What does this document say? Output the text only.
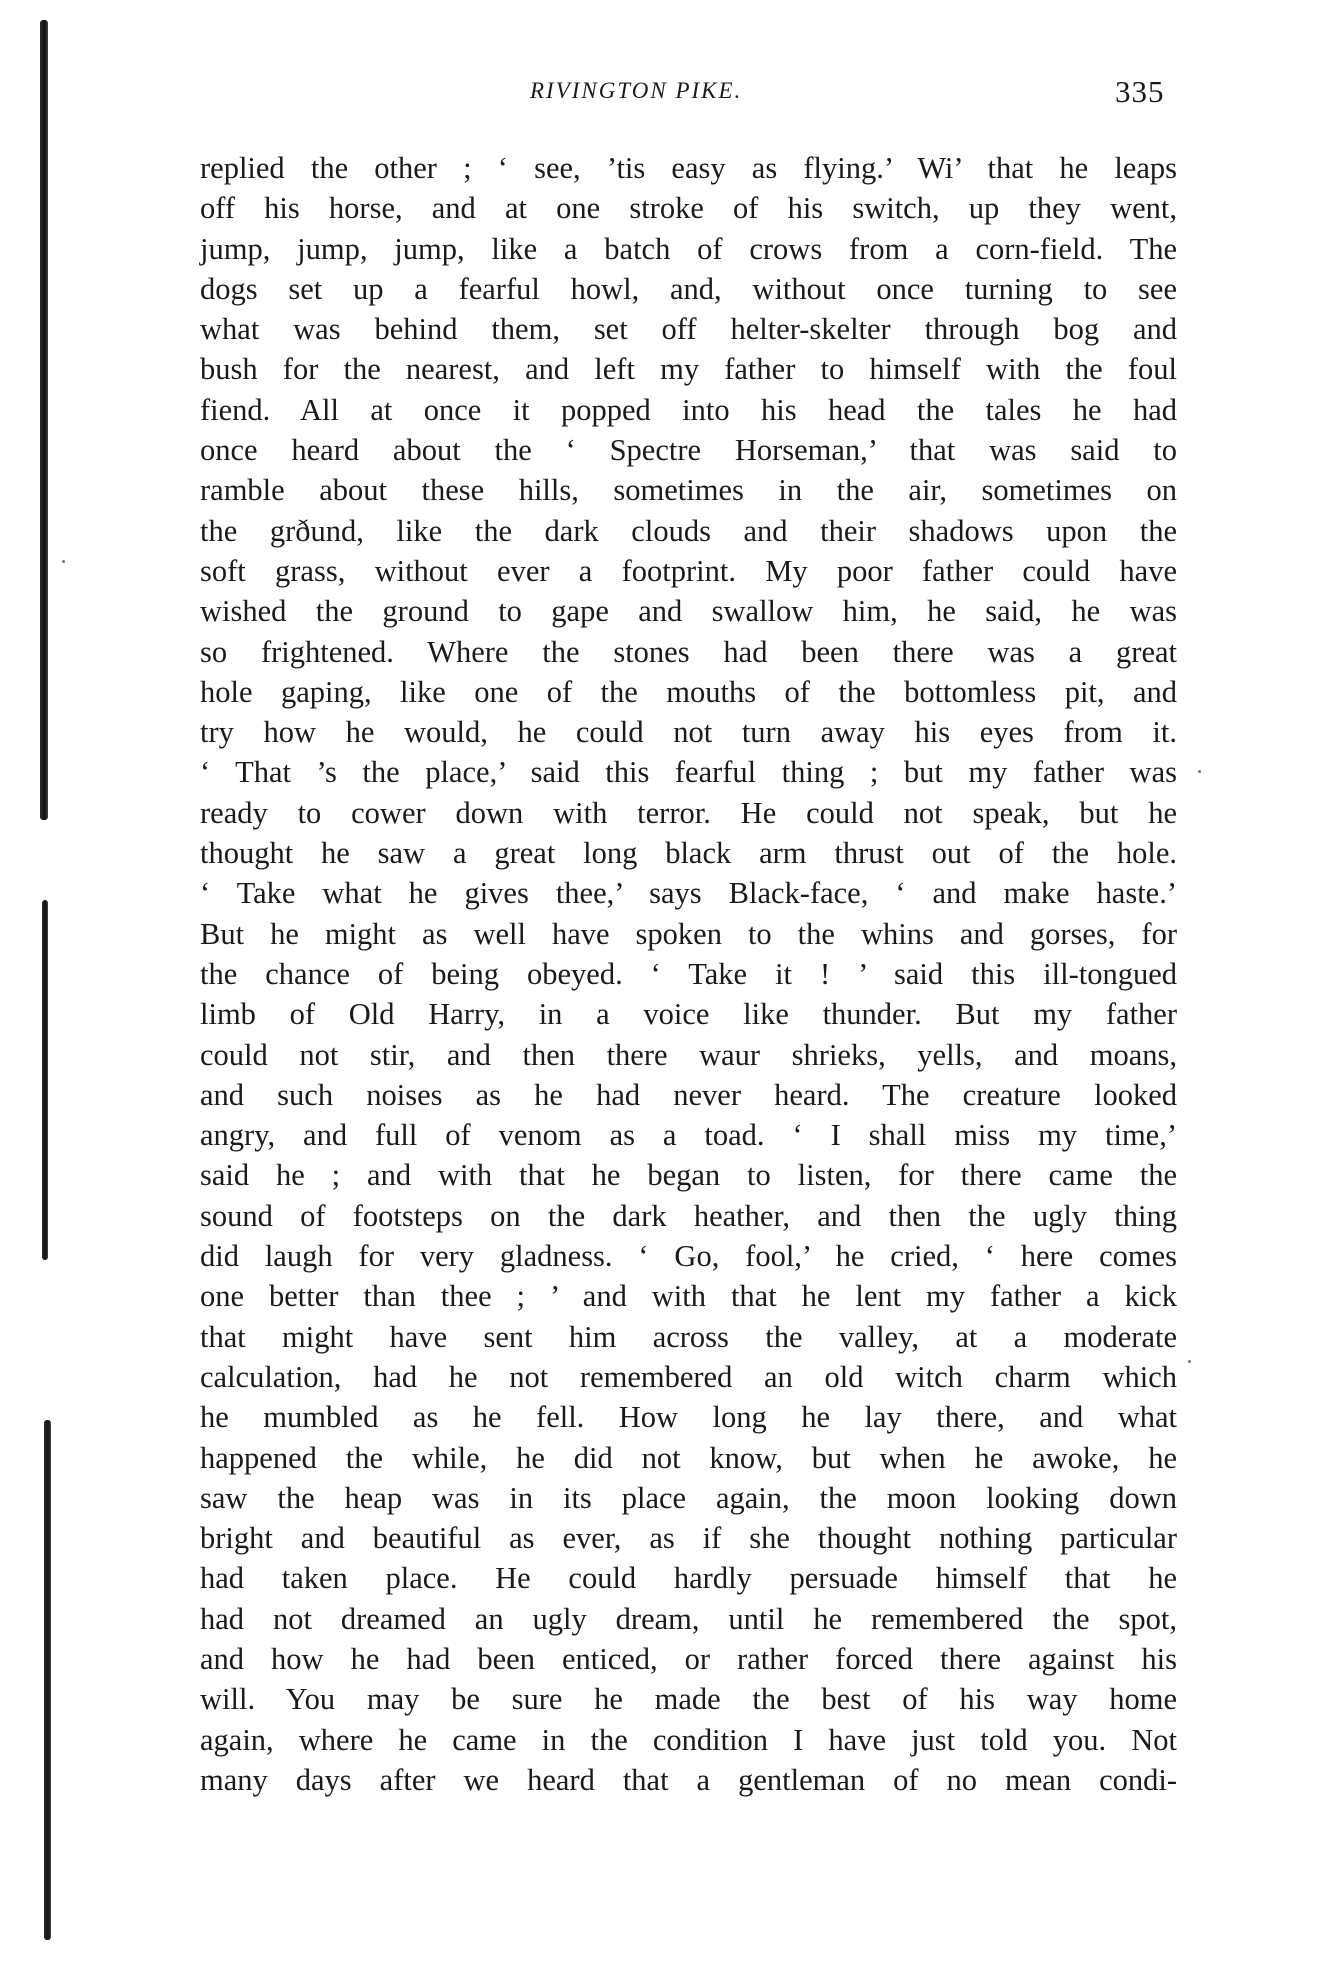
RIVINGTON PIKE.	335
replied the other ; ‘ see, ’tis easy as flying.’ Wi’ that he leaps
off his horse, and at one stroke of his switch, up they went,
jump, jump, jump, like a batch of crows from a corn-field. The
dogs set up a fearful howl, and, without once turning to see
what was behind them, set off helter-skelter through bog and
bush for the nearest, and left my father to himself with the foul
fiend. All at once it popped into his head the tales he had
once heard about the ‘ Spectre Horseman,’ that was said to
ramble about these hills, sometimes in the air, sometimes on
the grðund, like the dark clouds and their shadows upon the
soft grass, without ever a footprint. My poor father could have
wished the ground to gape and swallow him, he said, he was
so frightened. Where the stones had been there was a great
hole gaping, like one of the mouths of the bottomless pit, and
try how he would, he could not turn away his eyes from it.
‘ That ’s the place,’ said this fearful thing ; but my father was
ready to cower down with terror. He could not speak, but he
thought he saw a great long black arm thrust out of the hole.
‘ Take what he gives thee,’ says Black-face, ‘ and make haste.’
But he might as well have spoken to the whins and gorses, for
the chance of being obeyed. ‘ Take it ! ’ said this ill-tongued
limb of Old Harry, in a voice like thunder. But my father
could not stir, and then there waur shrieks, yells, and moans,
and such noises as he had never heard. The creature looked
angry, and full of venom as a toad. ‘ I shall miss my time,’
said he ; and with that he began to listen, for there came the
sound of footsteps on the dark heather, and then the ugly thing
did laugh for very gladness. ‘ Go, fool,’ he cried, ‘ here comes
one better than thee ; ’ and with that he lent my father a kick
that might have sent him across the valley, at a moderate
calculation, had he not remembered an old witch charm which
he mumbled as he fell. How long he lay there, and what
happened the while, he did not know, but when he awoke, he
saw the heap was in its place again, the moon looking down
bright and beautiful as ever, as if she thought nothing particular
had taken place. He could hardly persuade himself that he
had not dreamed an ugly dream, until he remembered the spot,
and how he had been enticed, or rather forced there against his
will. You may be sure he made the best of his way home
again, where he came in the condition I have just told you. Not
many days after we heard that a gentleman of no mean condi-
